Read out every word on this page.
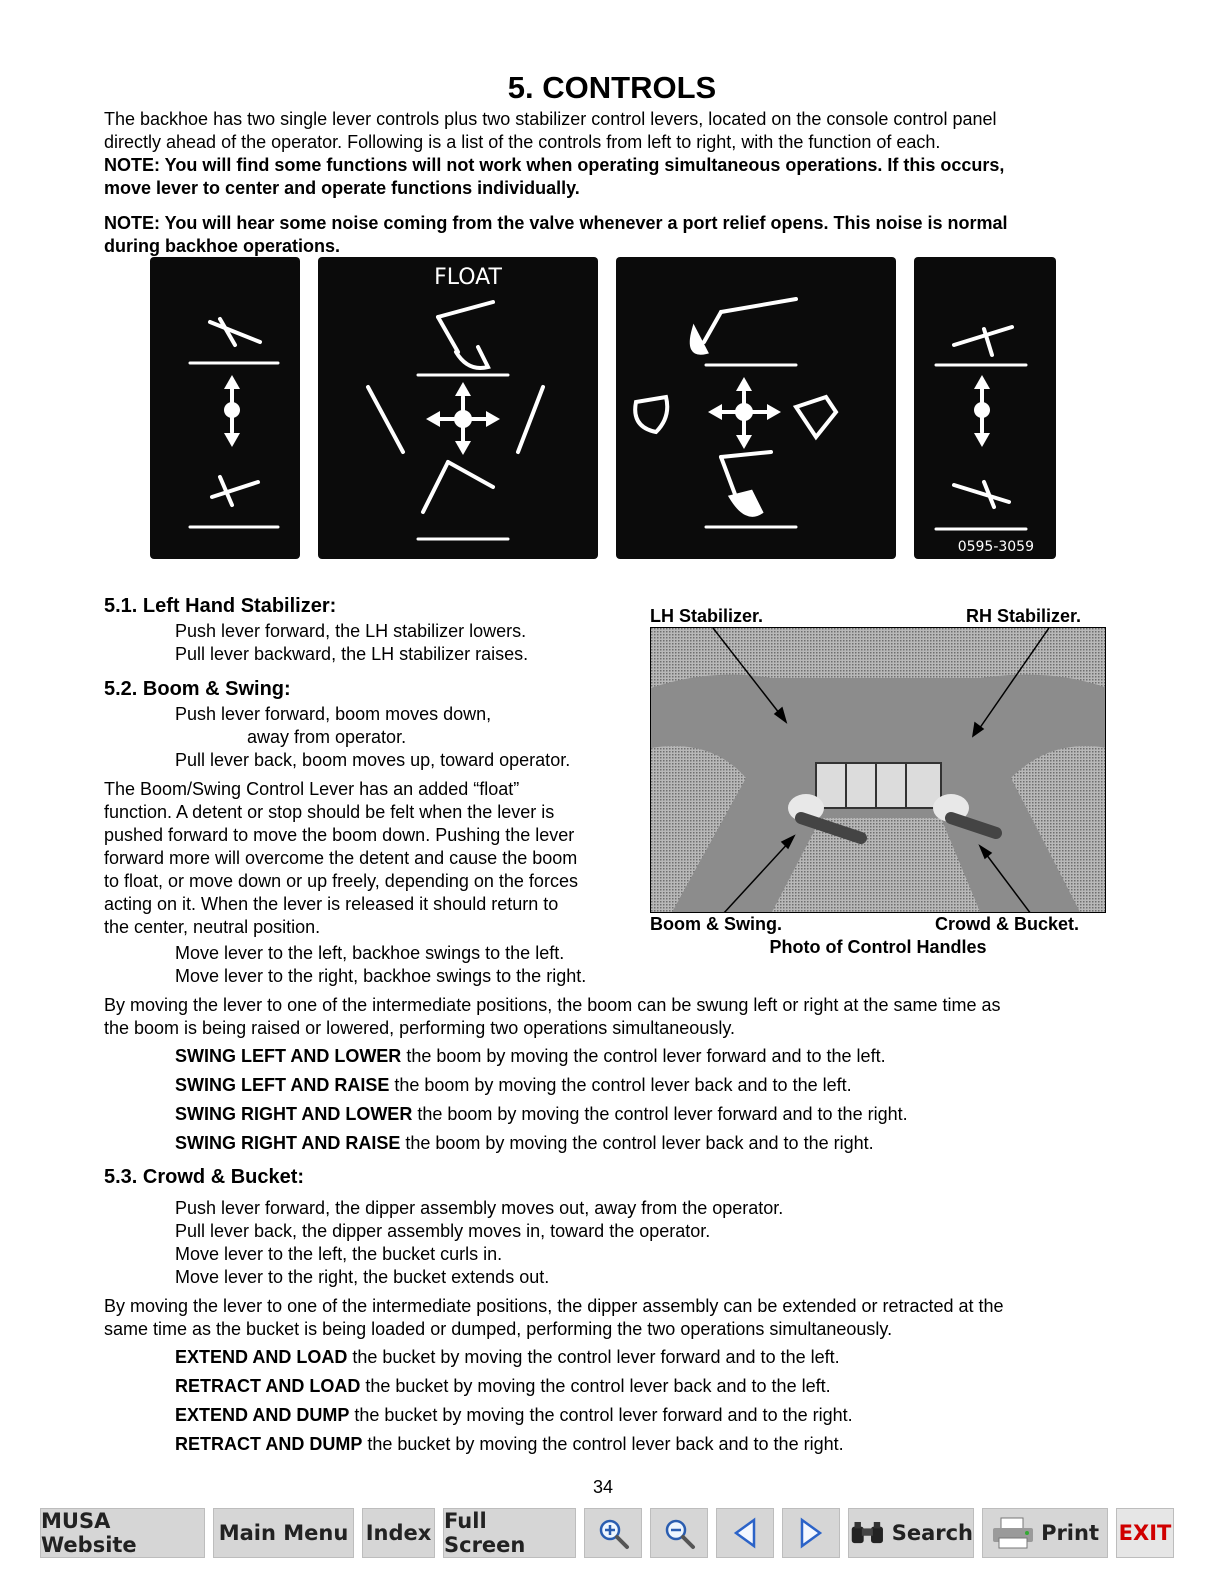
5. CONTROLS
The backhoe has two single lever controls plus two stabilizer control levers, located on the console control panel
directly ahead of the operator. Following is a list of the controls from left to right, with the function of each.
NOTE: You will find some functions will not work when operating simultaneous operations. If this occurs,
move lever to center and operate functions individually.
NOTE: You will hear some noise coming from the valve whenever a port relief opens. This noise is normal
during backhoe operations.
FLOAT
0595-3059
5.1. Left Hand Stabilizer:
Push lever forward, the LH stabilizer lowers.
Pull lever backward, the LH stabilizer raises.
5.2. Boom & Swing:
Push lever forward, boom moves down,
away from operator.
Pull lever back, boom moves up, toward operator.
The Boom/Swing Control Lever has an added “float”
function. A detent or stop should be felt when the lever is
pushed forward to move the boom down. Pushing the lever
forward more will overcome the detent and cause the boom
to float, or move down or up freely, depending on the forces
acting on it. When the lever is released it should return to
the center, neutral position.
Move lever to the left, backhoe swings to the left.
Move lever to the right, backhoe swings to the right.
By moving the lever to one of the intermediate positions, the boom can be swung left or right at the same time as
the boom is being raised or lowered, performing two operations simultaneously.
SWING LEFT AND LOWER the boom by moving the control lever forward and to the left.
SWING LEFT AND RAISE the boom by moving the control lever back and to the left.
SWING RIGHT AND LOWER the boom by moving the control lever forward and to the right.
SWING RIGHT AND RAISE the boom by moving the control lever back and to the right.
5.3. Crowd & Bucket:
Push lever forward, the dipper assembly moves out, away from the operator.
Pull lever back, the dipper assembly moves in, toward the operator.
Move lever to the left, the bucket curls in.
Move lever to the right, the bucket extends out.
By moving the lever to one of the intermediate positions, the dipper assembly can be extended or retracted at the
same time as the bucket is being loaded or dumped, performing the two operations simultaneously.
EXTEND AND LOAD the bucket by moving the control lever forward and to the left.
RETRACT AND LOAD the bucket by moving the control lever back and to the left.
EXTEND AND DUMP the bucket by moving the control lever forward and to the right.
RETRACT AND DUMP the bucket by moving the control lever back and to the right.
LH Stabilizer.	RH Stabilizer.
Boom & Swing.	Crowd & Bucket.
Photo of Control Handles
34
MUSA Website	Main Menu Index Full Screen	Search	Print EXIT
